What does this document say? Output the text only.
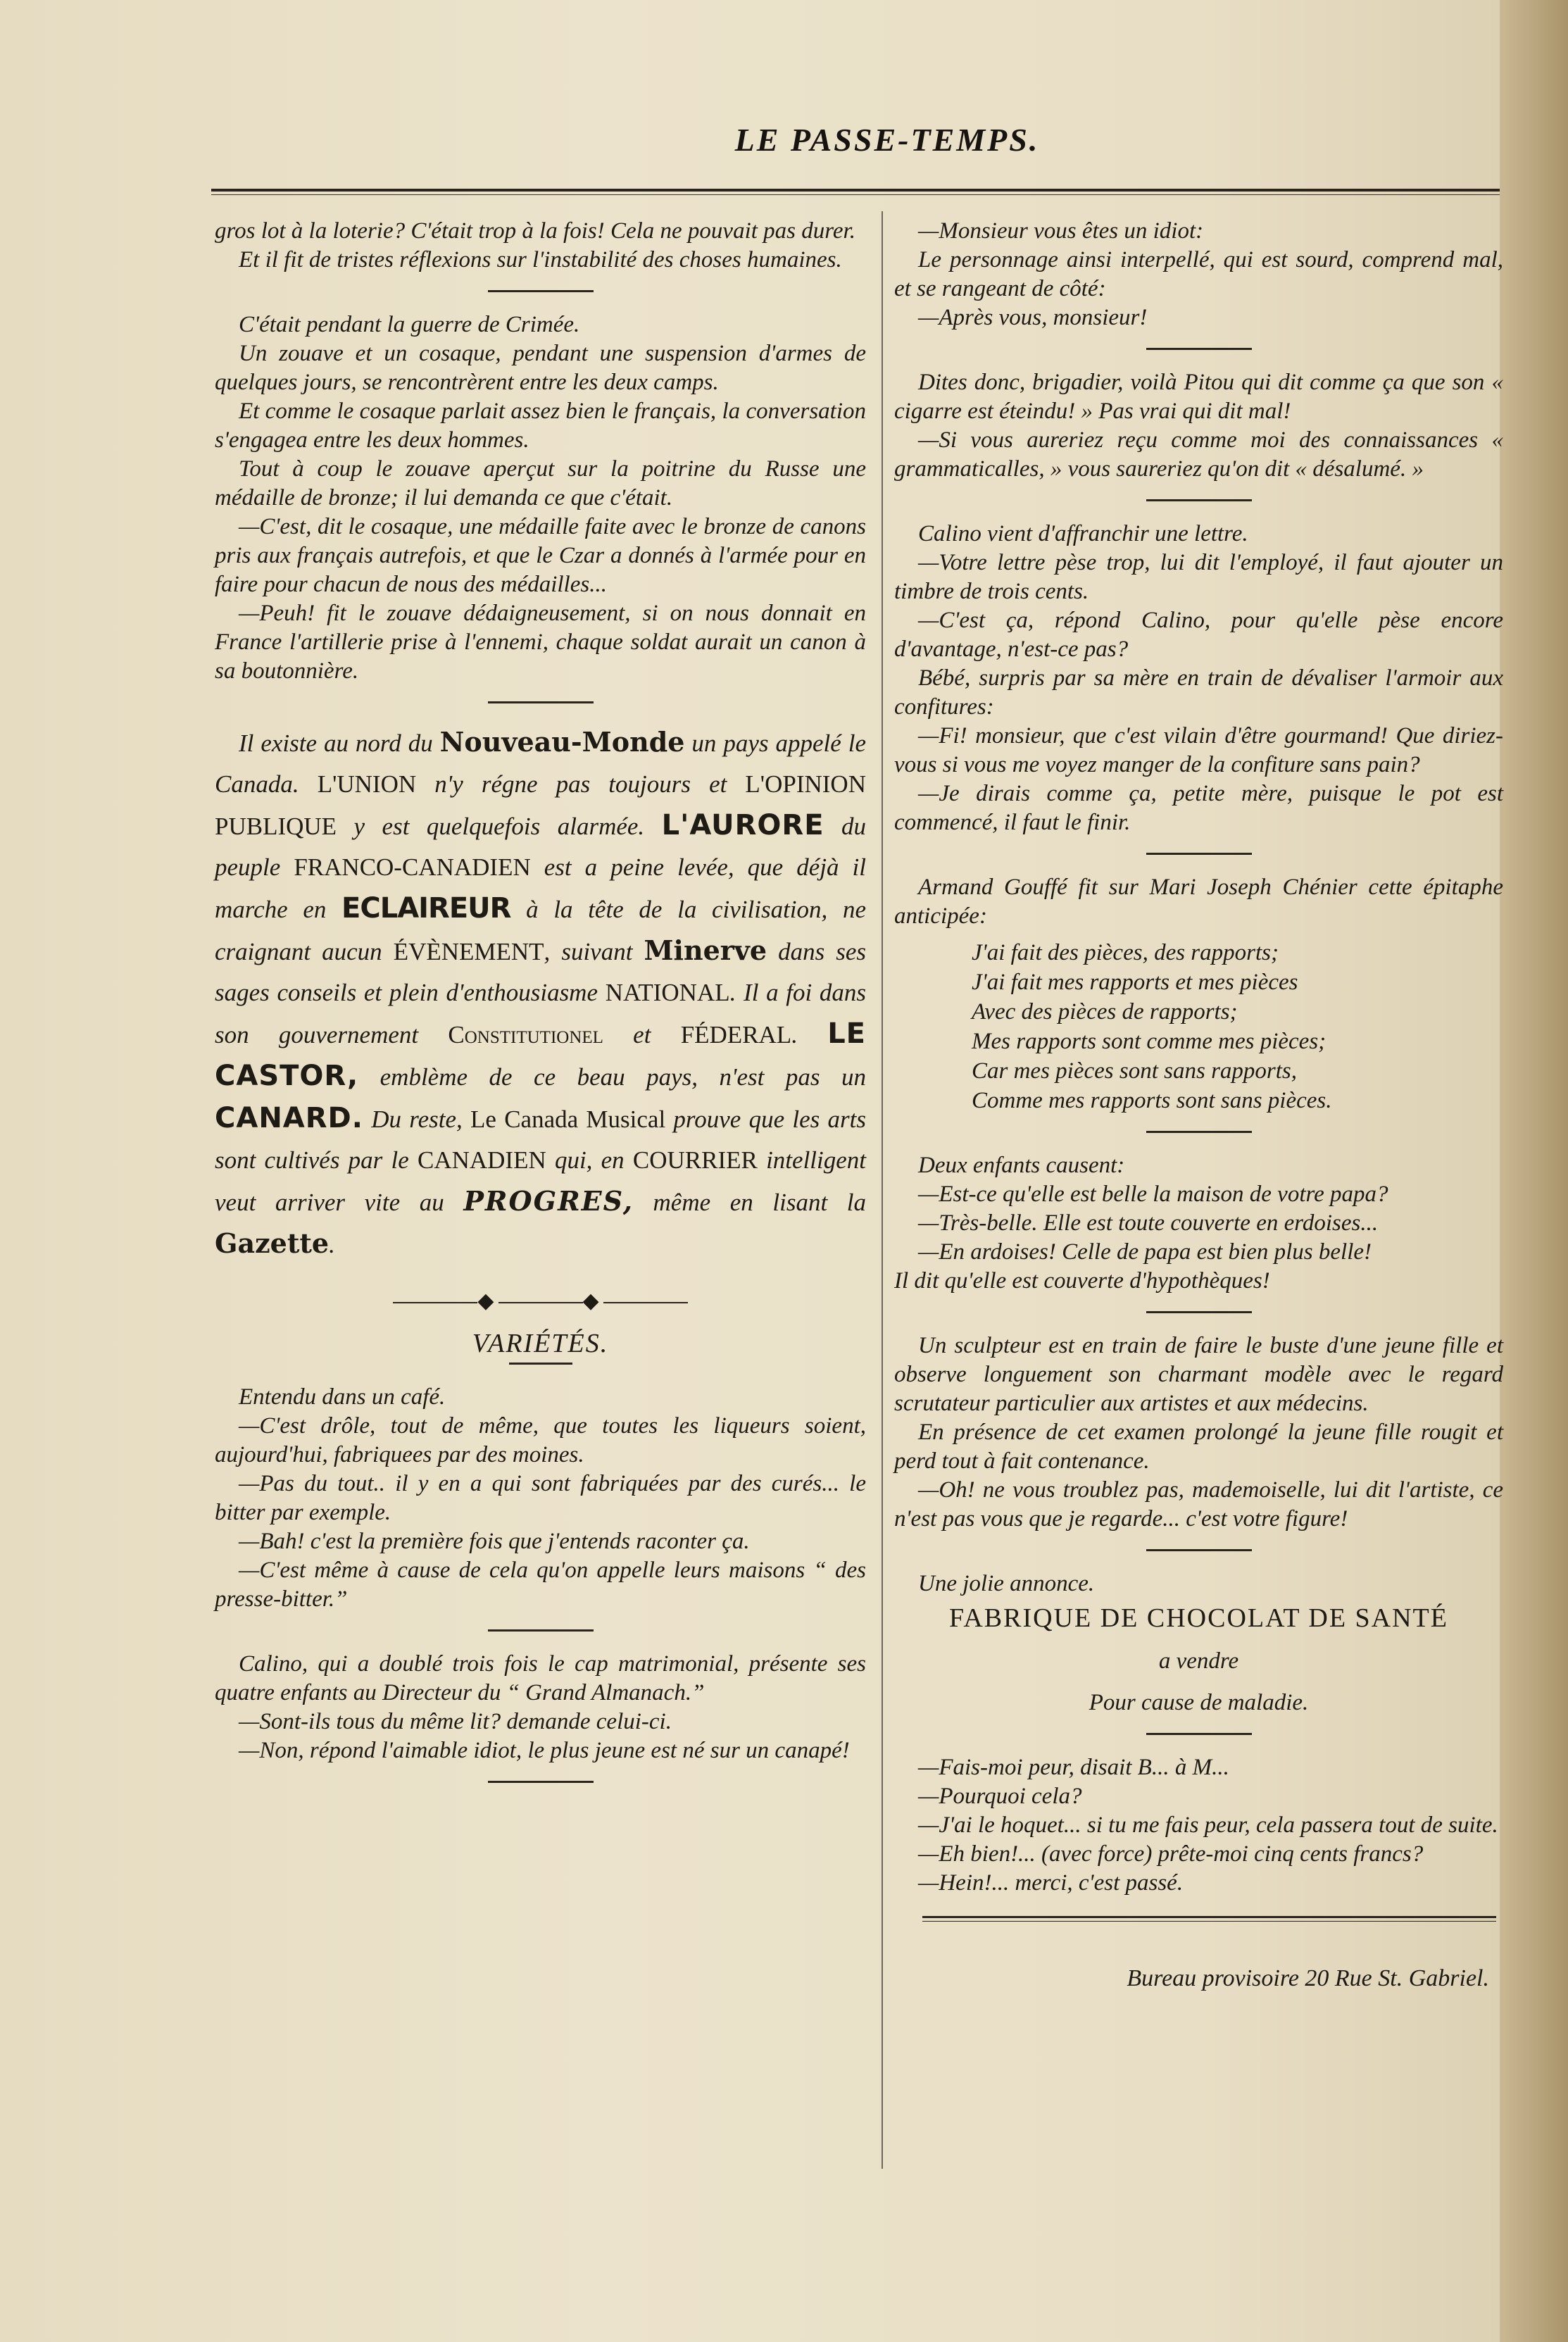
LE PASSE-TEMPS.

gros lot à la loterie? C'était trop à la fois! Cela ne pouvait pas durer.

Et il fit de tristes réflexions sur l'instabilité des choses humaines.

C'était pendant la guerre de Crimée.

Un zouave et un cosaque, pendant une suspension d'armes de quelques jours, se rencontrèrent entre les deux camps.

Et comme le cosaque parlait assez bien le français, la conversation s'engagea entre les deux hommes.

Tout à coup le zouave aperçut sur la poitrine du Russe une médaille de bronze; il lui demanda ce que c'était.

—C'est, dit le cosaque, une médaille faite avec le bronze de canons pris aux français autrefois, et que le Czar a donnés à l'armée pour en faire pour chacun de nous des médailles...

—Peuh! fit le zouave dédaigneusement, si on nous donnait en France l'artillerie prise à l'ennemi, chaque soldat aurait un canon à sa boutonnière.

Il existe au nord du Nouveau-Monde un pays appelé le Canada. L'UNION n'y régne pas toujours et L'OPINION PUBLIQUE y est quelquefois alarmée. L'AURORE du peuple FRANCO-CANADIEN est a peine levée, que déjà il marche en ECLAIREUR à la tête de la civilisation, ne craignant aucun ÉVÈNEMENT, suivant Minerve dans ses sages conseils et plein d'enthousiasme NATIONAL. Il a foi dans son gouvernement Constitutionel et FÉDERAL. LE CASTOR, emblème de ce beau pays, n'est pas un CANARD. Du reste, Le Canada Musical prouve que les arts sont cultivés par le CANADIEN qui, en COURRIER intelligent veut arriver vite au PROGRES, même en lisant la Gazette.

◆	◆
VARIÉTÉS.

Entendu dans un café.

—C'est drôle, tout de même, que toutes les liqueurs soient, aujourd'hui, fabriquees par des moines.

—Pas du tout.. il y en a qui sont fabriquées par des curés... le bitter par exemple.

—Bah! c'est la première fois que j'entends raconter ça.

—C'est même à cause de cela qu'on appelle leurs maisons “ des presse-bitter.”

Calino, qui a doublé trois fois le cap matrimonial, présente ses quatre enfants au Directeur du “ Grand Almanach.”

—Sont-ils tous du même lit? demande celui-ci.

—Non, répond l'aimable idiot, le plus jeune est né sur un canapé!

—Monsieur vous êtes un idiot:

Le personnage ainsi interpellé, qui est sourd, comprend mal, et se rangeant de côté:

—Après vous, monsieur!

Dites donc, brigadier, voilà Pitou qui dit comme ça que son « cigarre est éteindu! » Pas vrai qui dit mal!

—Si vous aureriez reçu comme moi des connaissances « grammaticalles, » vous saureriez qu'on dit « désalumé. »

Calino vient d'affranchir une lettre.

—Votre lettre pèse trop, lui dit l'employé, il faut ajouter un timbre de trois cents.

—C'est ça, répond Calino, pour qu'elle pèse encore d'avantage, n'est-ce pas?

Bébé, surpris par sa mère en train de dévaliser l'armoir aux confitures:

—Fi! monsieur, que c'est vilain d'être gourmand! Que diriez-vous si vous me voyez manger de la confiture sans pain?

—Je dirais comme ça, petite mère, puisque le pot est commencé, il faut le finir.

Armand Gouffé fit sur Mari Joseph Chénier cette épitaphe anticipée:

J'ai fait des pièces, des rapports;
J'ai fait mes rapports et mes pièces
Avec des pièces de rapports;
Mes rapports sont comme mes pièces;
Car mes pièces sont sans rapports,
Comme mes rapports sont sans pièces.

Deux enfants causent:

—Est-ce qu'elle est belle la maison de votre papa?

—Très-belle. Elle est toute couverte en erdoises...

—En ardoises! Celle de papa est bien plus belle!

Il dit qu'elle est couverte d'hypothèques!

Un sculpteur est en train de faire le buste d'une jeune fille et observe longuement son charmant modèle avec le regard scrutateur particulier aux artistes et aux médecins.

En présence de cet examen prolongé la jeune fille rougit et perd tout à fait contenance.

—Oh! ne vous troublez pas, mademoiselle, lui dit l'artiste, ce n'est pas vous que je regarde... c'est votre figure!

Une jolie annonce.

FABRIQUE DE CHOCOLAT DE SANTÉ
a vendre
Pour cause de maladie.

—Fais-moi peur, disait B... à M...

—Pourquoi cela?

—J'ai le hoquet... si tu me fais peur, cela passera tout de suite.

—Eh bien!... (avec force) prête-moi cinq cents francs?

—Hein!... merci, c'est passé.

Bureau provisoire 20 Rue St. Gabriel.
